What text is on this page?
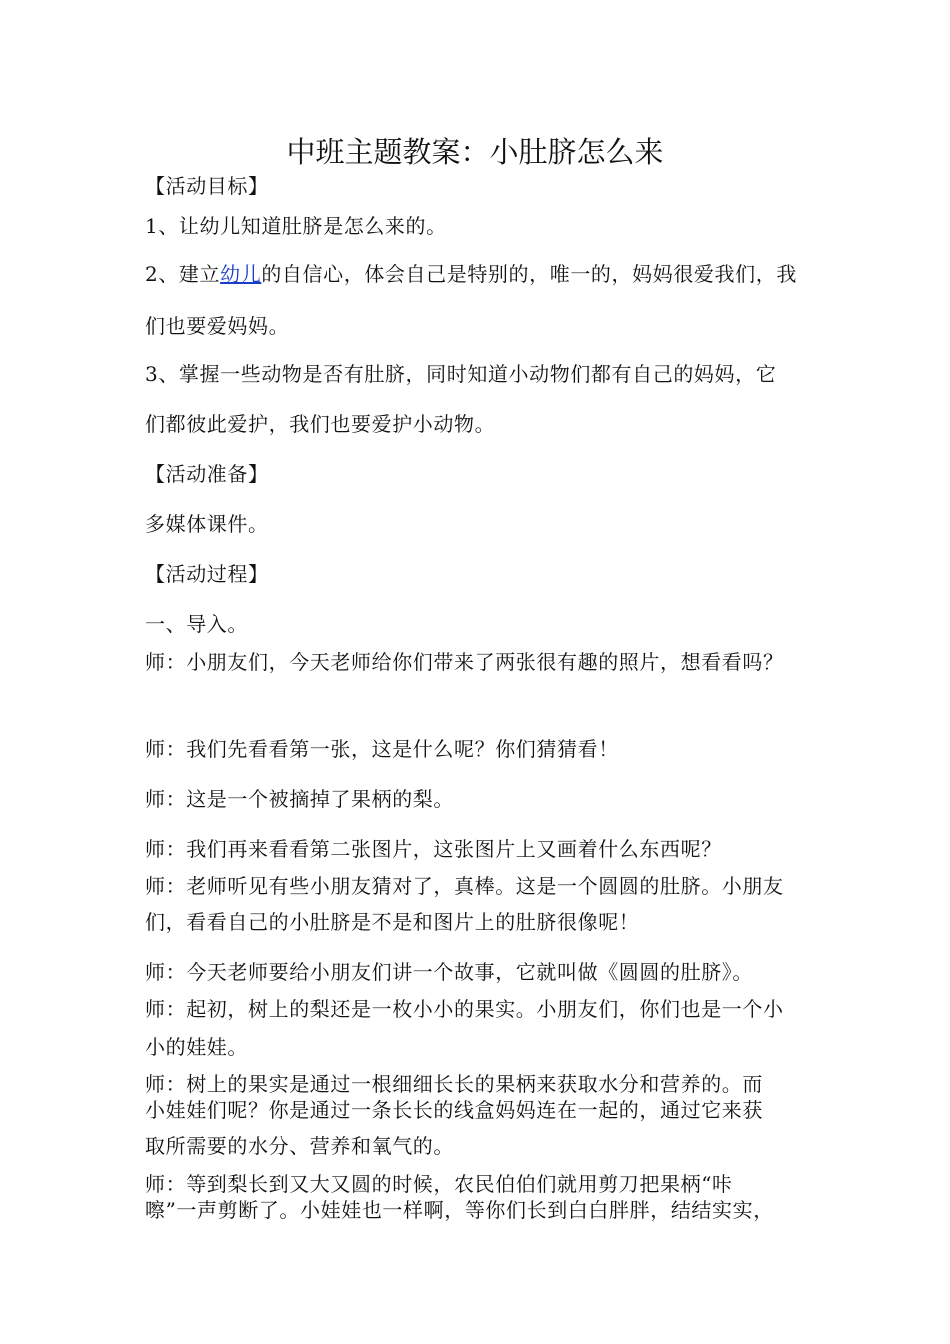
中班主题教案：小肚脐怎么来
【活动目标】
1、让幼儿知道肚脐是怎么来的。
2、建立幼儿的自信心，体会自己是特别的，唯一的，妈妈很爱我们，我
们也要爱妈妈。
3、掌握一些动物是否有肚脐，同时知道小动物们都有自己的妈妈，它
们都彼此爱护，我们也要爱护小动物。
【活动准备】
多媒体课件。
【活动过程】
一、导入。
师：小朋友们，今天老师给你们带来了两张很有趣的照片，想看看吗？
师：我们先看看第一张，这是什么呢？你们猜猜看！
师：这是一个被摘掉了果柄的梨。
师：我们再来看看第二张图片，这张图片上又画着什么东西呢？
师：老师听见有些小朋友猜对了，真棒。这是一个圆圆的肚脐。小朋友
们，看看自己的小肚脐是不是和图片上的肚脐很像呢！
师：今天老师要给小朋友们讲一个故事，它就叫做《圆圆的肚脐》。
师：起初，树上的梨还是一枚小小的果实。小朋友们，你们也是一个小
小的娃娃。
师：树上的果实是通过一根细细长长的果柄来获取水分和营养的。而
小娃娃们呢？你是通过一条长长的线盒妈妈连在一起的，通过它来获
取所需要的水分、营养和氧气的。
师：等到梨长到又大又圆的时候，农民伯伯们就用剪刀把果柄“咔
嚓”一声剪断了。小娃娃也一样啊，等你们长到白白胖胖，结结实实，
